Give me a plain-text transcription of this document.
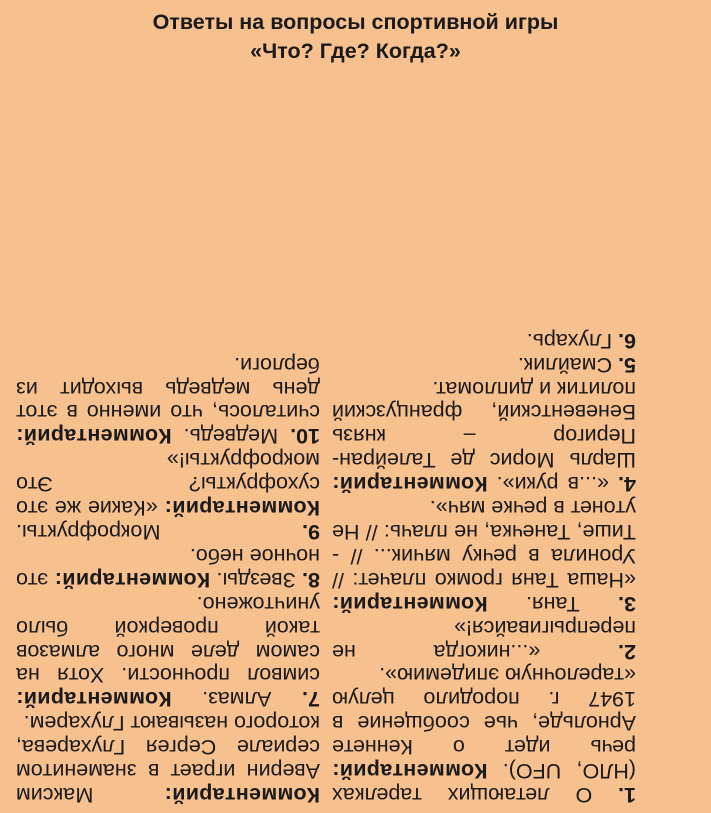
Ответы на вопросы спортивной игры
«Что? Где? Когда?»

1. О летающих тарелках (НЛО, UFO). Комментарий: речь идет о Кеннете Арнольде, чье сообщение в 1947 г. породило целую «тарелочную эпидемию».

2. «...никогда не перепрыгивайся!»

3. Таня. Комментарий: «Наша Таня громко плачет: // Уронила в речку мячик... // - Тише, Танечка, не плачь: // Не утонет в речке мяч».

4. «...в руки». Комментарий: Шарль Морис де Талейран-Перигор – князь Беневентский, французский политик и дипломат.

5. Смайлик.

6. Глухарь.

Комментарий: Максим Аверин играет в знаменитом сериале Сергея Глухарева, которого называют Глухарем.

7. Алмаз. Комментарий: символ прочности. Хотя на самом деле много алмазов такой проверкой было уничтожено.

8. Звезды. Комментарий: это ночное небо.

9. Мокрофрукты. Комментарий: «Какие же это сухофрукты? Это мокрофрукты!»

10. Медведь. Комментарий: считалось, что именно в этот день медведь выходит из берлоги.
